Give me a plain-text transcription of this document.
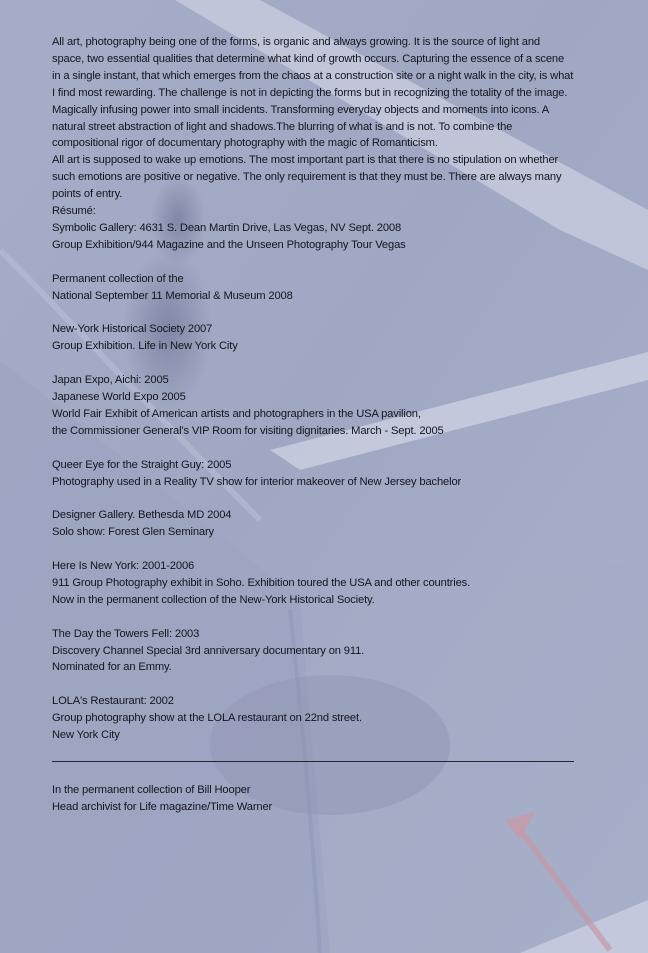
All art, photography being one of the forms, is organic and always growing. It is the source of light and space, two essential qualities that determine what kind of growth occurs. Capturing the essence of a scene in a single instant, that which emerges from the chaos at a construction site or a night walk in the city, is what I find most rewarding. The challenge is not in depicting the forms but in recognizing the totality of the image. Magically infusing power into small incidents. Transforming everyday objects and moments into icons. A natural street abstraction of light and shadows.The blurring of what is and is not. To combine the compositional rigor of documentary photography with the magic of Romanticism.

All art is supposed to wake up emotions. The most important part is that there is no stipulation on whether such emotions are positive or negative. The only requirement is that they must be. There are always many points of entry.

Résumé:

Symbolic Gallery: 4631 S. Dean Martin Drive, Las Vegas, NV Sept. 2008
Group Exhibition/944 Magazine and the Unseen Photography Tour Vegas
Permanent collection of the
National September 11 Memorial & Museum 2008
New-York Historical Society 2007
Group Exhibition. Life in New York City
Japan Expo, Aichi: 2005
Japanese World Expo 2005
World Fair Exhibit of American artists and photographers in the USA pavilion,
the Commissioner General's VIP Room for visiting dignitaries. March - Sept. 2005
Queer Eye for the Straight Guy: 2005
Photography used in a Reality TV show for interior makeover of New Jersey bachelor
Designer Gallery. Bethesda MD 2004
Solo show: Forest Glen Seminary
Here Is New York: 2001-2006
911 Group Photography exhibit in Soho. Exhibition toured the USA and other countries.
Now in the permanent collection of the New-York Historical Society.
The Day the Towers Fell: 2003
Discovery Channel Special 3rd anniversary documentary on 911.
Nominated for an Emmy.
LOLA's Restaurant: 2002
Group photography show at the LOLA restaurant on 22nd street.
New York City
In the permanent collection of Bill Hooper
Head archivist for Life magazine/Time Warner
